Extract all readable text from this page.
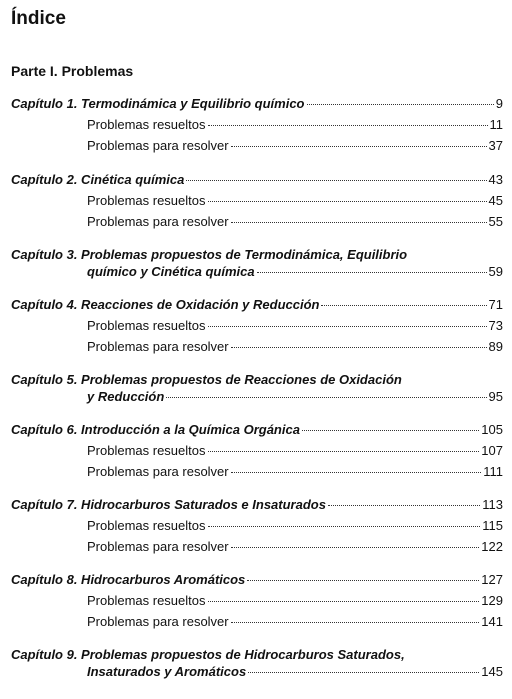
Índice
Parte I. Problemas
Capítulo 1. Termodinámica y Equilibrio químico	9
Problemas resueltos	11
Problemas para resolver	37
Capítulo 2. Cinética química	43
Problemas resueltos	45
Problemas para resolver	55
Capítulo 3. Problemas propuestos de Termodinámica, Equilibrio
químico y Cinética química	59
Capítulo 4. Reacciones de Oxidación y Reducción	71
Problemas resueltos	73
Problemas para resolver	89
Capítulo 5. Problemas propuestos de Reacciones de Oxidación
y Reducción	95
Capítulo 6. Introducción a la Química Orgánica	105
Problemas resueltos	107
Problemas para resolver	111
Capítulo 7. Hidrocarburos Saturados e Insaturados	113
Problemas resueltos	115
Problemas para resolver	122
Capítulo 8. Hidrocarburos Aromáticos	127
Problemas resueltos	129
Problemas para resolver	141
Capítulo 9. Problemas propuestos de Hidrocarburos Saturados,
Insaturados y Aromáticos	145
